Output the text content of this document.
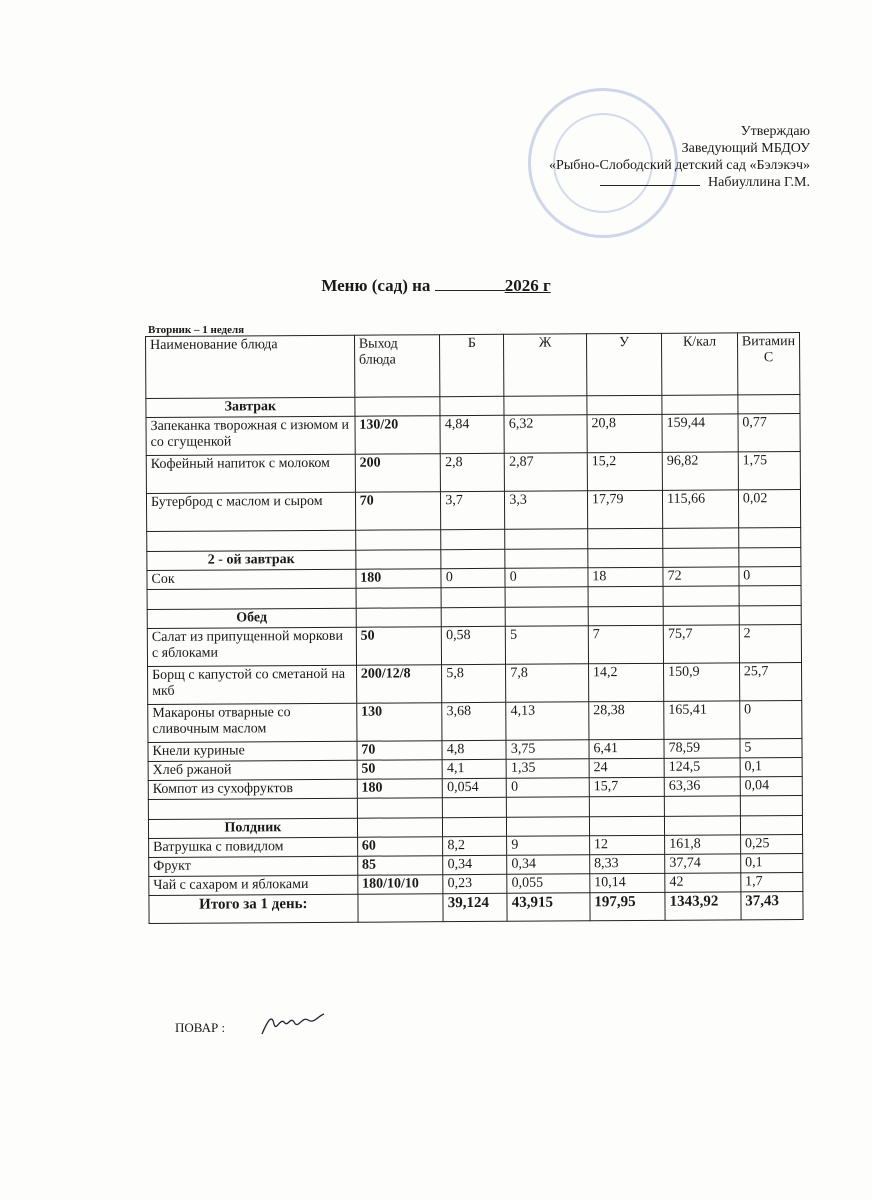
Утверждаю
Заведующий МБДОУ
«Рыбно-Слободский детский сад «Бэлэкэч»
Набиуллина Г.М.
Меню (сад) на	2026 г
Вторник – 1 неделя
Наименование блюда	Выход блюда	Б	Ж	У	К/кал	Витамин С
Завтрак						
Запеканка творожная с изюмом и со сгущенкой	130/20	4,84	6,32	20,8	159,44	0,77
Кофейный напиток с молоком	200	2,8	2,87	15,2	96,82	1,75
Бутерброд с маслом и сыром	70	3,7	3,3	17,79	115,66	0,02

2 - ой завтрак						
Сок	180	0	0	18	72	0

Обед						
Салат из припущенной моркови с яблоками	50	0,58	5	7	75,7	2
Борщ с капустой со сметаной на мкб	200/12/8	5,8	7,8	14,2	150,9	25,7
Макароны отварные со сливочным маслом	130	3,68	4,13	28,38	165,41	0
Кнели куриные	70	4,8	3,75	6,41	78,59	5
Хлеб ржаной	50	4,1	1,35	24	124,5	0,1
Компот из сухофруктов	180	0,054	0	15,7	63,36	0,04

Полдник						
Ватрушка с повидлом	60	8,2	9	12	161,8	0,25
Фрукт	85	0,34	0,34	8,33	37,74	0,1
Чай с сахаром и яблоками	180/10/10	0,23	0,055	10,14	42	1,7
Итого за 1 день:		39,124	43,915	197,95	1343,92	37,43
ПОВАР :
